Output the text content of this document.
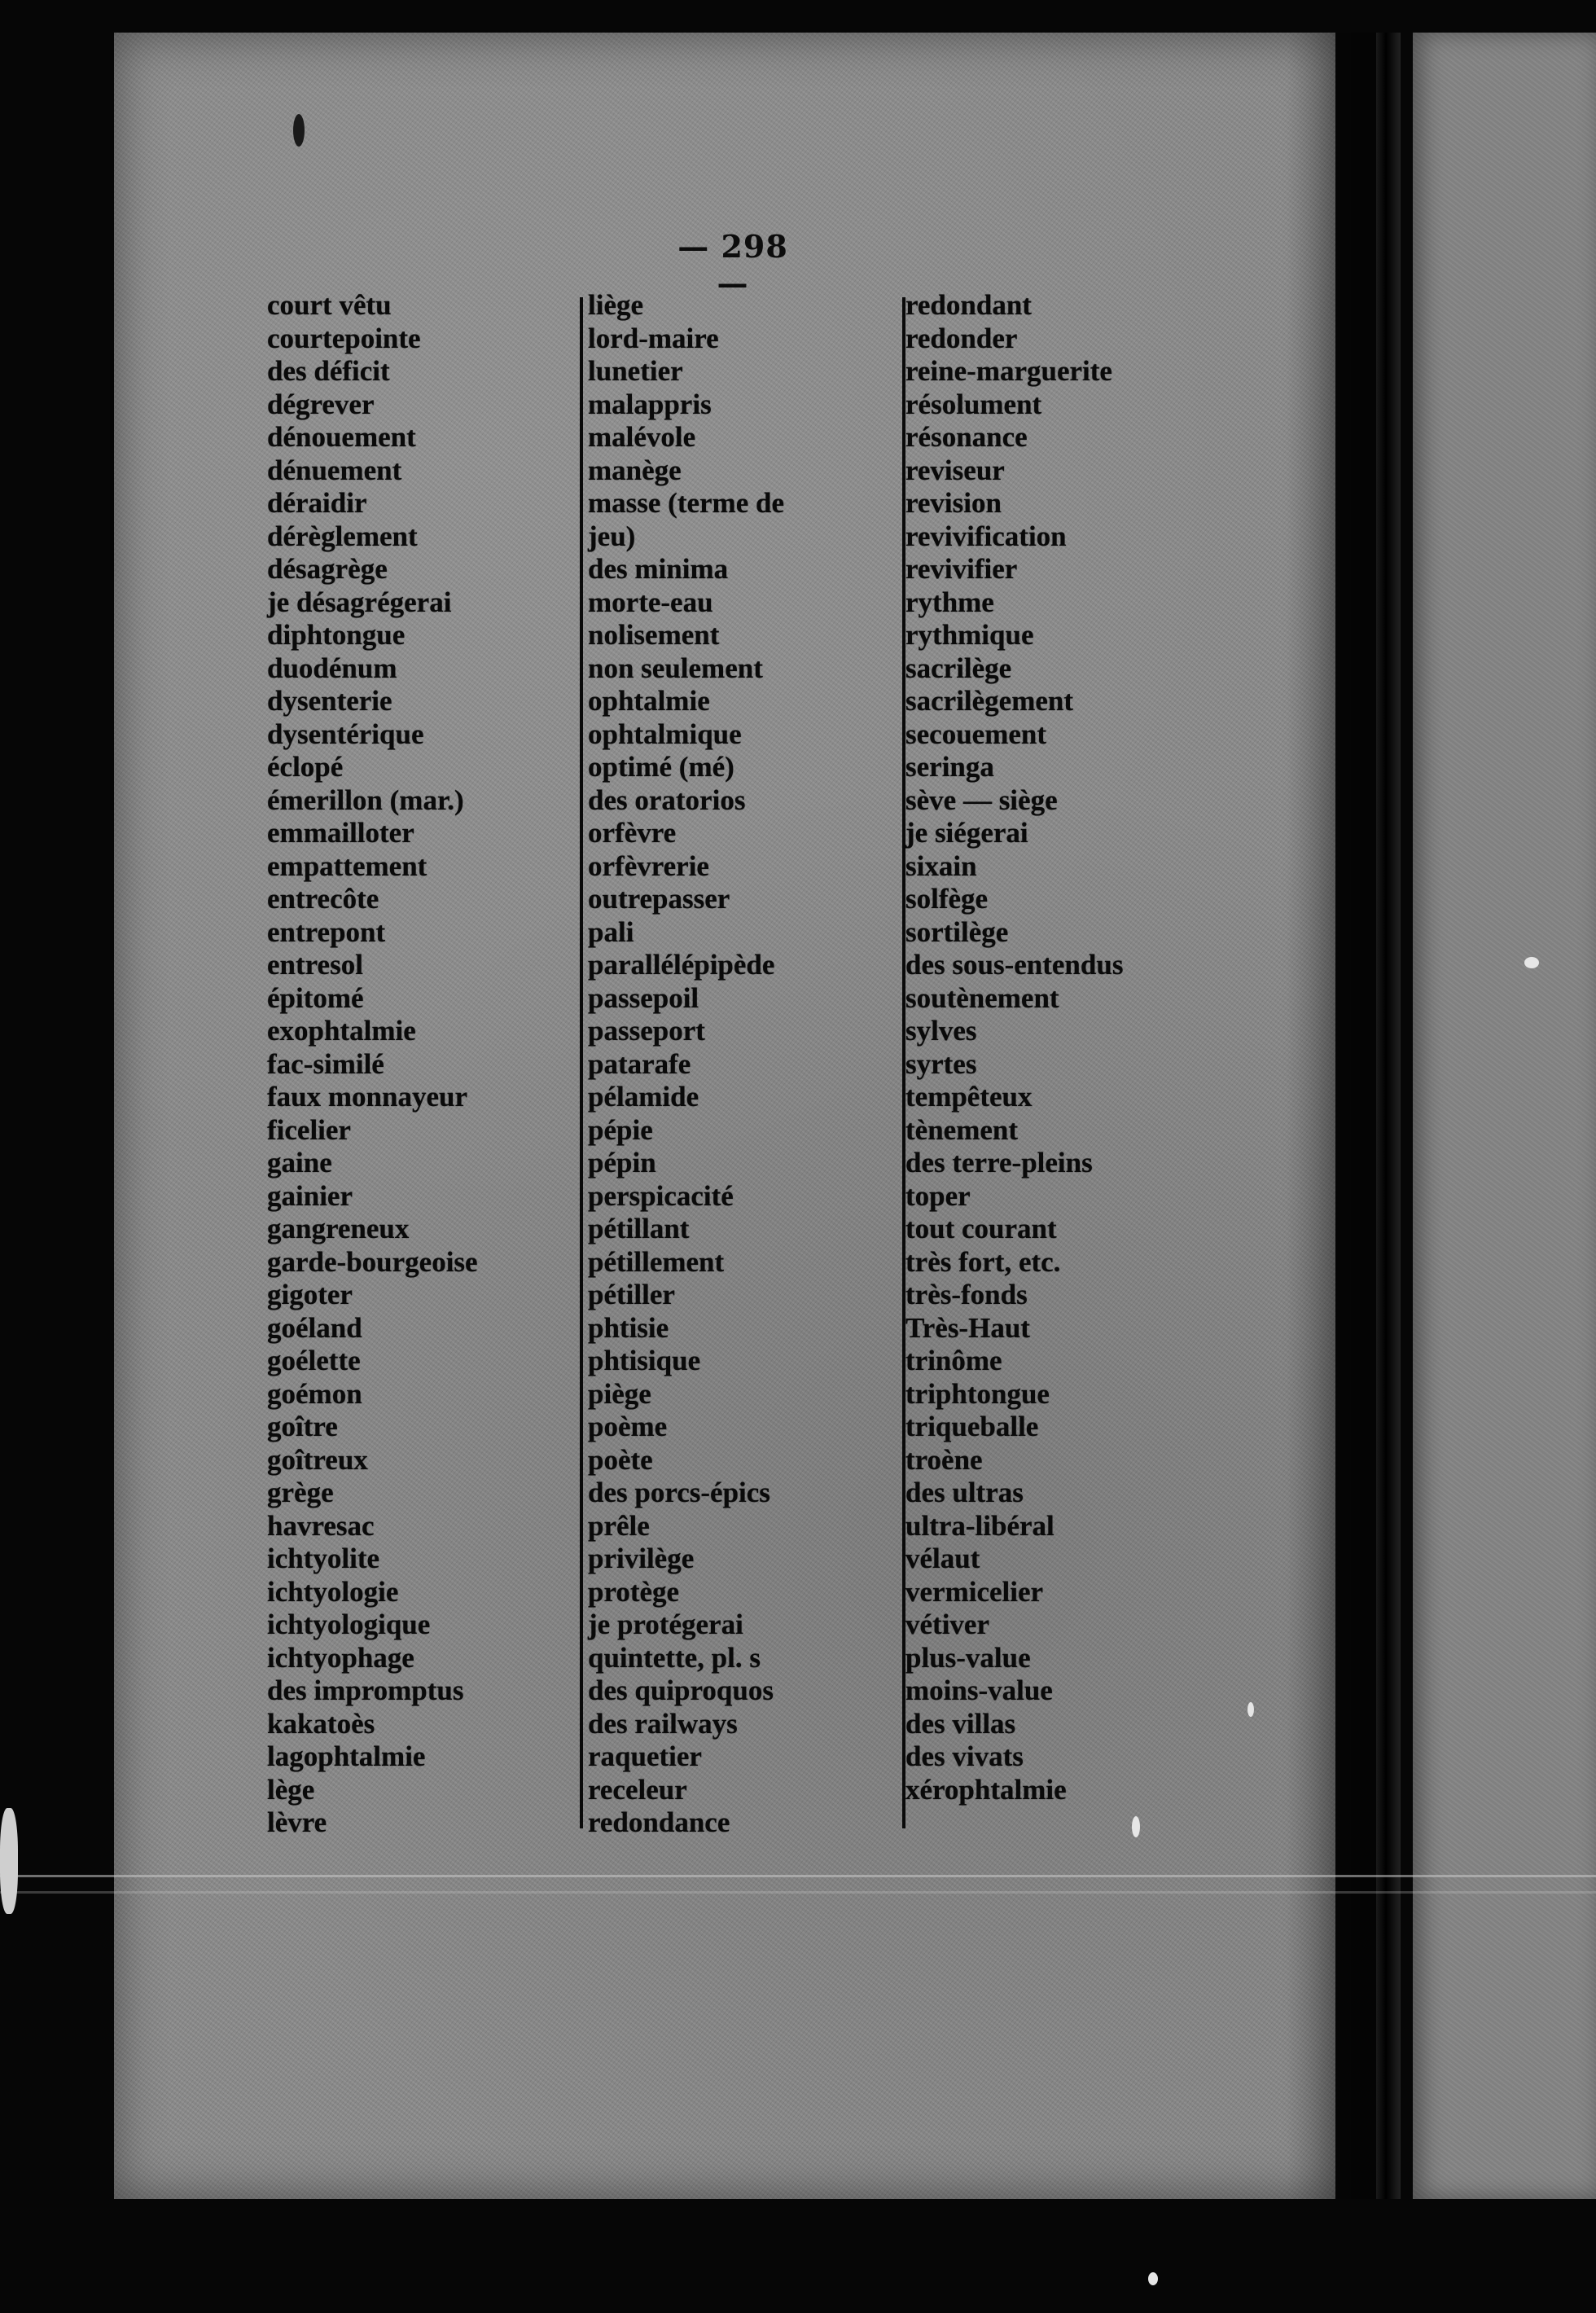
— 298 —
court vêtu
courtepointe
des déficit
dégrever
dénouement
dénuement
déraidir
dérèglement
désagrège
je désagrégerai
diphtongue
duodénum
dysenterie
dysentérique
éclopé
émerillon (mar.)
emmailloter
empattement
entrecôte
entrepont
entresol
épitomé
exophtalmie
fac-similé
faux monnayeur
ficelier
gaine
gainier
gangreneux
garde-bourgeoise
gigoter
goéland
goélette
goémon
goître
goîtreux
grège
havresac
ichtyolite
ichtyologie
ichtyologique
ichtyophage
des impromptus
kakatoès
lagophtalmie
lège
lèvre
liège
lord-maire
lunetier
malappris
malévole
manège
masse (terme de
jeu)
des minima
morte-eau
nolisement
non seulement
ophtalmie
ophtalmique
optimé (mé)
des oratorios
orfèvre
orfèvrerie
outrepasser
pali
parallélépipède
passepoil
passeport
patarafe
pélamide
pépie
pépin
perspicacité
pétillant
pétillement
pétiller
phtisie
phtisique
piège
poème
poète
des porcs-épics
prêle
privilège
protège
je protégerai
quintette, pl. s
des quiproquos
des railways
raquetier
receleur
redondance
redondant
redonder
reine-marguerite
résolument
résonance
reviseur
revision
revivification
revivifier
rythme
rythmique
sacrilège
sacrilègement
secouement
seringa
sève — siège
je siégerai
sixain
solfège
sortilège
des sous-entendus
soutènement
sylves
syrtes
tempêteux
tènement
des terre-pleins
toper
tout courant
très fort, etc.
très-fonds
Très-Haut
trinôme
triphtongue
triqueballe
troène
des ultras
ultra-libéral
vélaut
vermicelier
vétiver
plus-value
moins-value
des villas
des vivats
xérophtalmie
